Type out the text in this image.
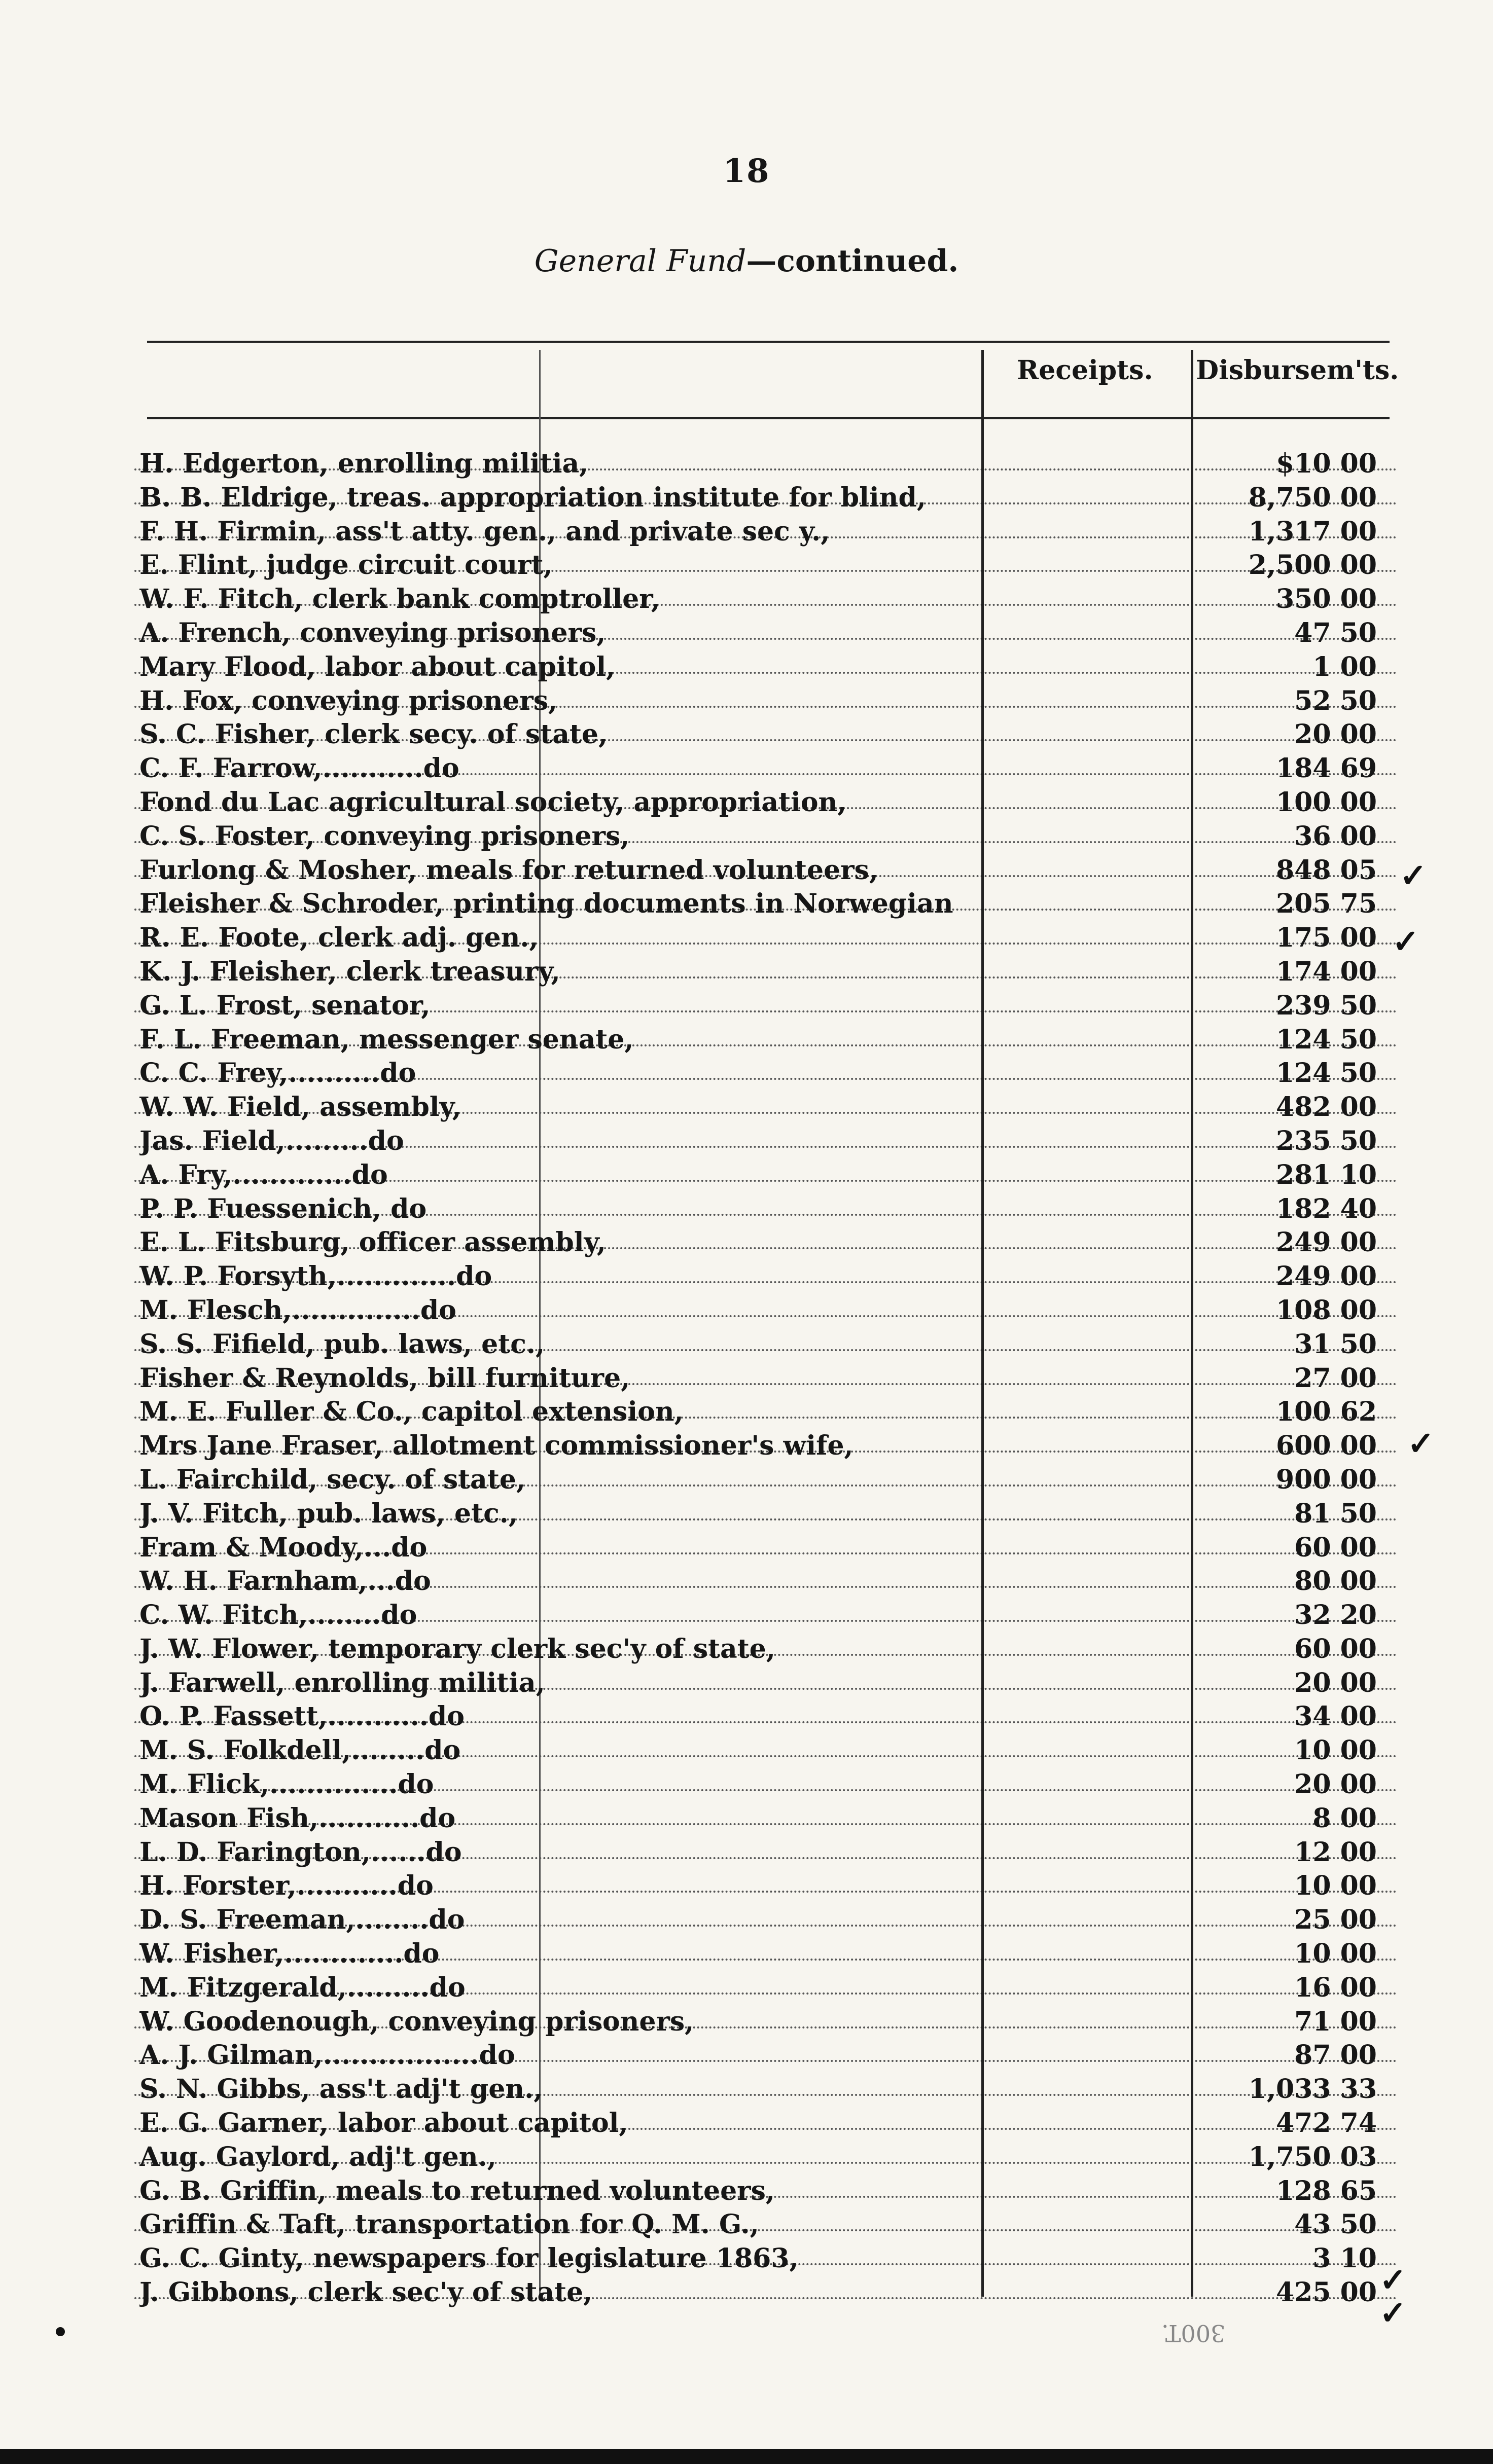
18
General Fund—continued.
Receipts. Disbursem'ts.
H. Edgerton, enrolling militia,	$10 00
B. B. Eldrige, treas. appropriation institute for blind,	8,750 00
F. H. Firmin, ass't atty. gen., and private sec y.,	1,317 00
E. Flint, judge circuit court,	2,500 00
W. F. Fitch, clerk bank comptroller,	350 00
A. French, conveying prisoners,	47 50
Mary Flood, labor about capitol,	1 00
H. Fox, conveying prisoners,	52 50
S. C. Fisher, clerk secy. of state,	20 00
C. F. Farrow,...........do	184 69
Fond du Lac agricultural society, appropriation,	100 00
C. S. Foster, conveying prisoners,	36 00
Furlong & Mosher, meals for returned volunteers,	848 05
Fleisher & Schroder, printing documents in Norwegian	205 75
R. E. Foote, clerk adj. gen.,	175 00
K. J. Fleisher, clerk treasury,	174 00
G. L. Frost, senator,	239 50
F. L. Freeman, messenger senate,	124 50
C. C. Frey,..........do	124 50
W. W. Field, assembly,	482 00
Jas. Field,.........do	235 50
A. Fry,.............do	281 10
P. P. Fuessenich, do	182 40
E. L. Fitsburg, officer assembly,	249 00
W. P. Forsyth,.............do	249 00
M. Flesch,..............do	108 00
S. S. Fifield, pub. laws, etc.,	31 50
Fisher & Reynolds, bill furniture,	27 00
M. E. Fuller & Co., capitol extension,	100 62
Mrs Jane Fraser, allotment commissioner's wife,	600 00
L. Fairchild, secy. of state,	900 00
J. V. Fitch, pub. laws, etc.,	81 50
Fram & Moody,...do	60 00
W. H. Farnham,...do	80 00
C. W. Fitch,........do	32 20
J. W. Flower, temporary clerk sec'y of state,	60 00
J. Farwell, enrolling militia,	20 00
O. P. Fassett,...........do	34 00
M. S. Folkdell,........do	10 00
M. Flick,..............do	20 00
Mason Fish,...........do	8 00
L. D. Farington,......do	12 00
H. Forster,...........do	10 00
D. S. Freeman,........do	25 00
W. Fisher,.............do	10 00
M. Fitzgerald,.........do	16 00
W. Goodenough, conveying prisoners,	71 00
A. J. Gilman,.................do	87 00
S. N. Gibbs, ass't adj't gen.,	1,033 33
E. G. Garner, labor about capitol,	472 74
Aug. Gaylord, adj't gen.,	1,750 03
G. B. Griffin, meals to returned volunteers,	128 65
Griffin & Taft, transportation for Q. M. G.,	43 50
G. C. Ginty, newspapers for legislature 1863,	3 10
J. Gibbons, clerk sec'y of state,	425 00
✓
✓
✓
✓
✓
300T.
